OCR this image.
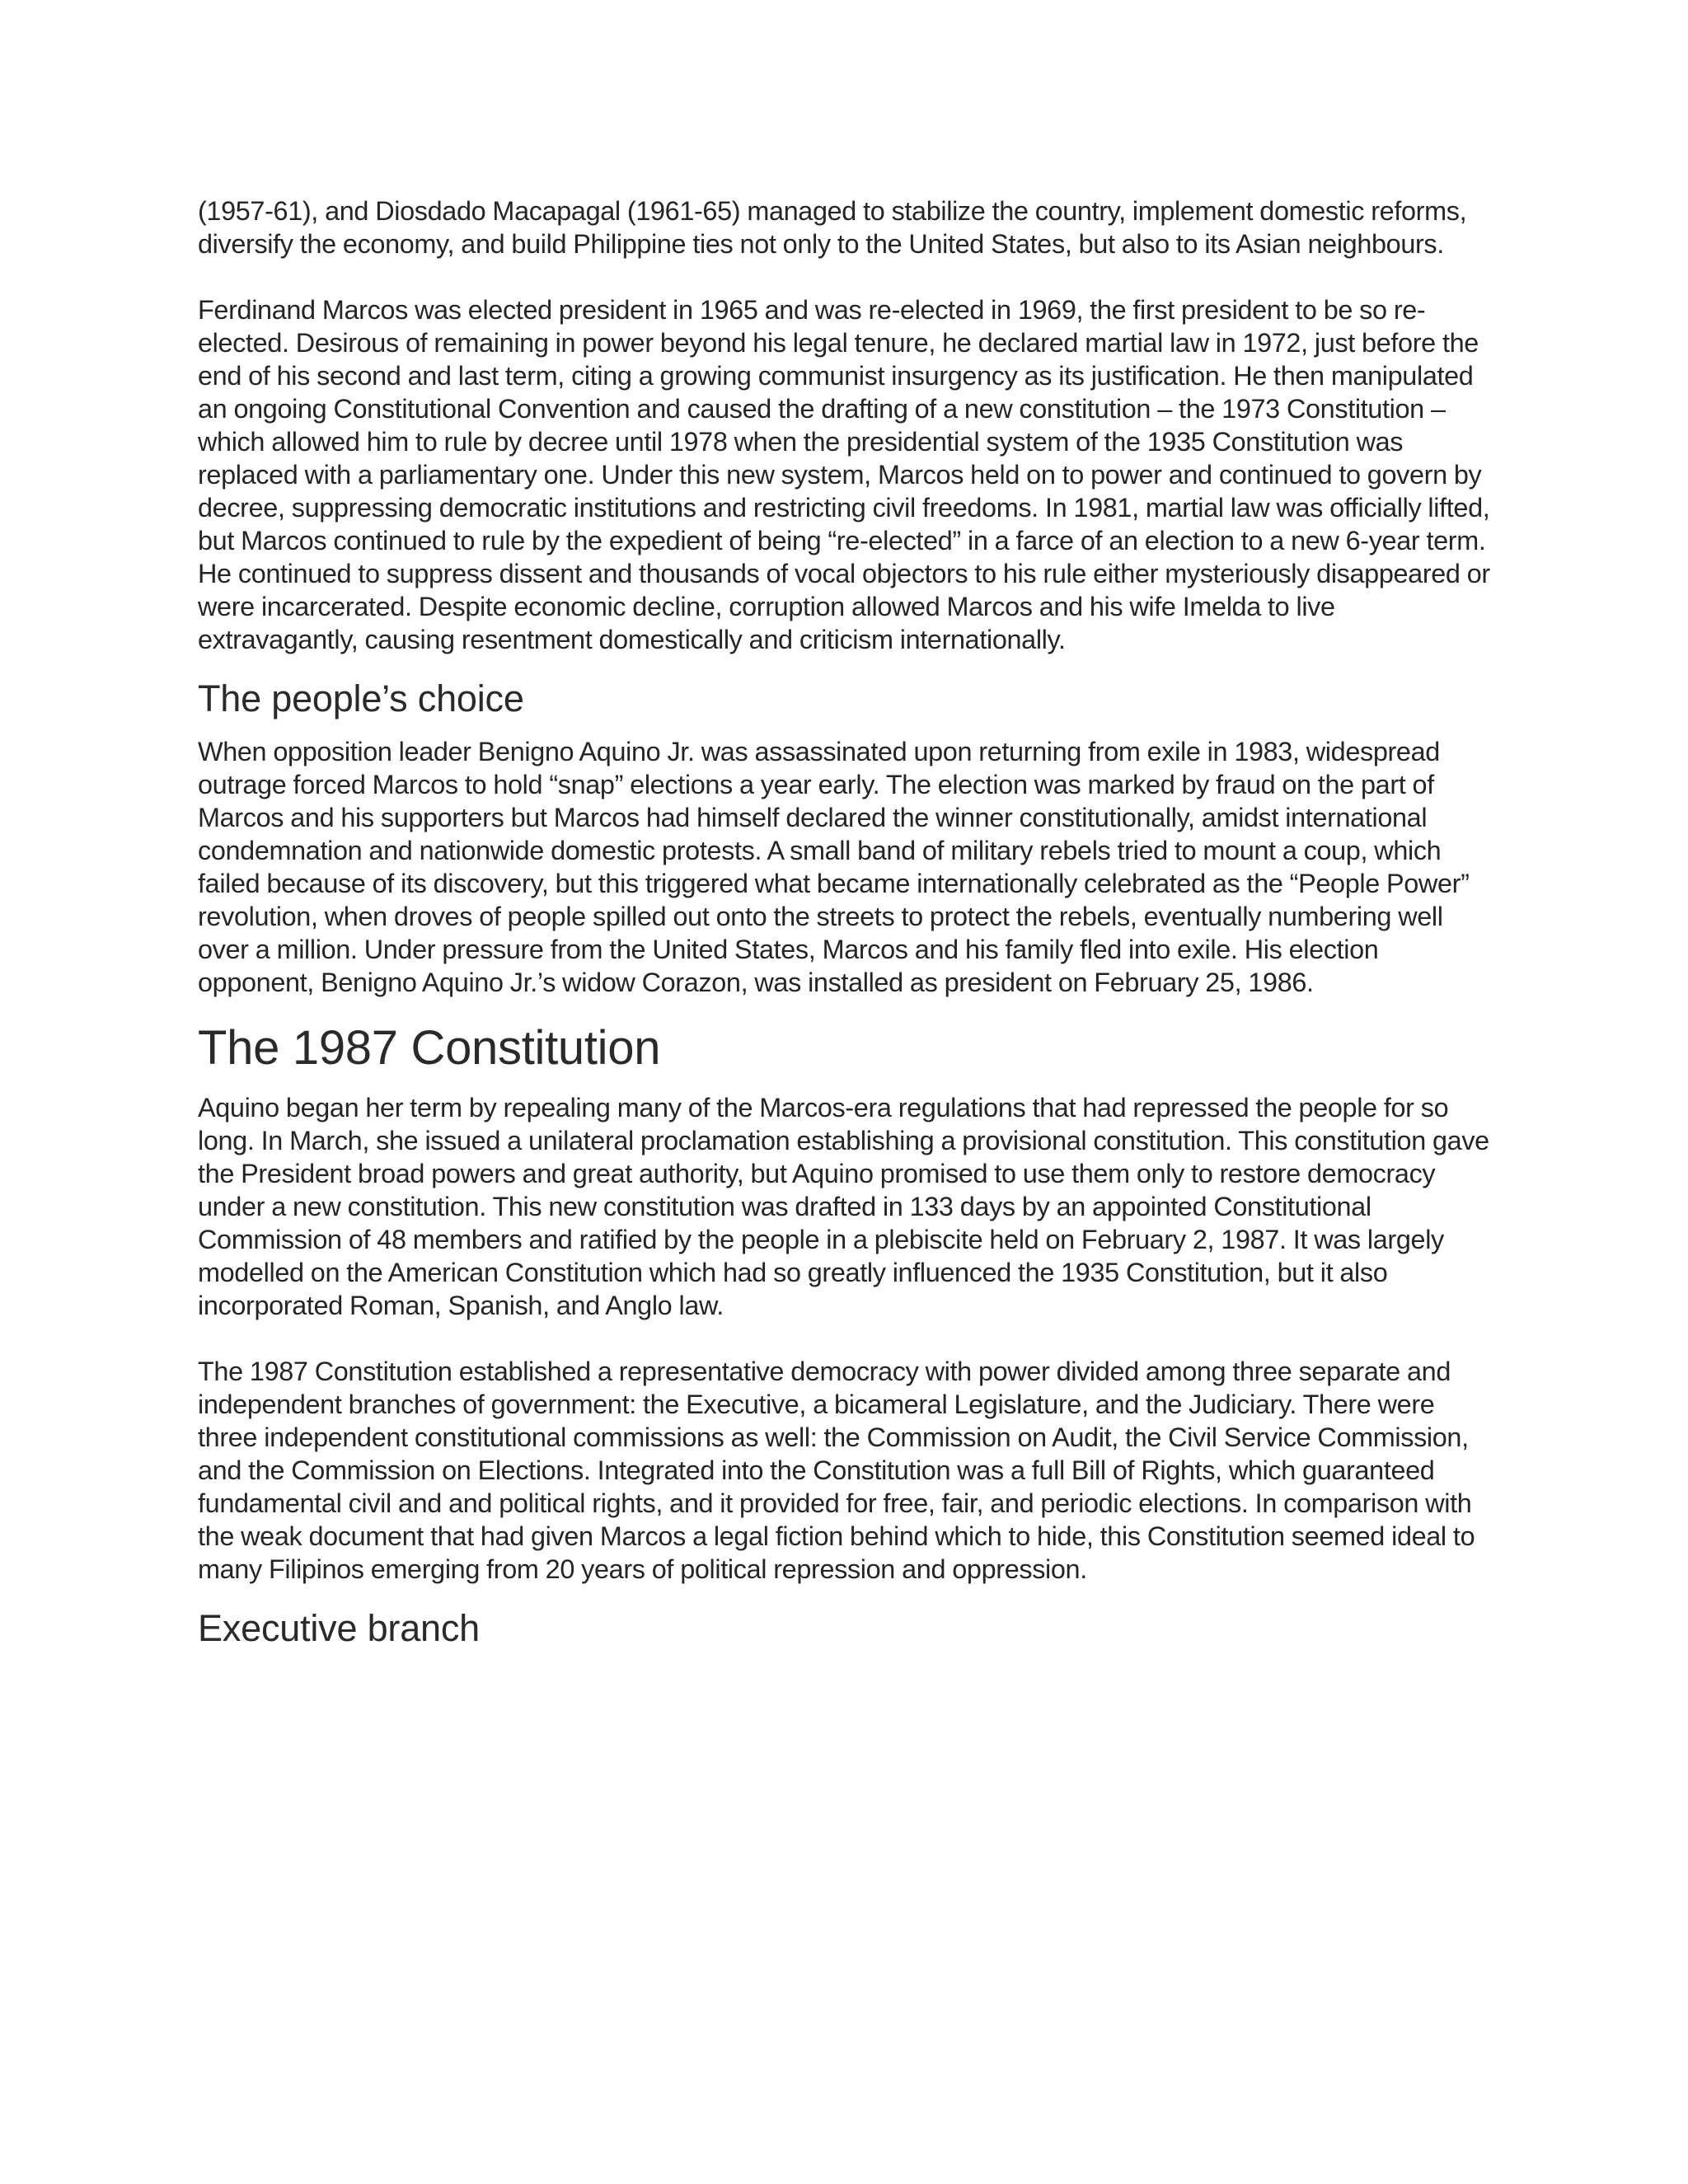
(1957-61), and Diosdado Macapagal (1961-65) managed to stabilize the country, implement domestic reforms, diversify the economy, and build Philippine ties not only to the United States, but also to its Asian neighbours.

Ferdinand Marcos was elected president in 1965 and was re-elected in 1969, the first president to be so re-elected. Desirous of remaining in power beyond his legal tenure, he declared martial law in 1972, just before the end of his second and last term, citing a growing communist insurgency as its justification. He then manipulated an ongoing Constitutional Convention and caused the drafting of a new constitution – the 1973 Constitution – which allowed him to rule by decree until 1978 when the presidential system of the 1935 Constitution was replaced with a parliamentary one. Under this new system, Marcos held on to power and continued to govern by decree, suppressing democratic institutions and restricting civil freedoms. In 1981, martial law was officially lifted, but Marcos continued to rule by the expedient of being “re-elected” in a farce of an election to a new 6-year term. He continued to suppress dissent and thousands of vocal objectors to his rule either mysteriously disappeared or were incarcerated. Despite economic decline, corruption allowed Marcos and his wife Imelda to live extravagantly, causing resentment domestically and criticism internationally.

The people’s choice

When opposition leader Benigno Aquino Jr. was assassinated upon returning from exile in 1983, widespread outrage forced Marcos to hold “snap” elections a year early. The election was marked by fraud on the part of Marcos and his supporters but Marcos had himself declared the winner constitutionally, amidst international condemnation and nationwide domestic protests. A small band of military rebels tried to mount a coup, which failed because of its discovery, but this triggered what became internationally celebrated as the “People Power” revolution, when droves of people spilled out onto the streets to protect the rebels, eventually numbering well over a million. Under pressure from the United States, Marcos and his family fled into exile. His election opponent, Benigno Aquino Jr.’s widow Corazon, was installed as president on February 25, 1986.

The 1987 Constitution

Aquino began her term by repealing many of the Marcos-era regulations that had repressed the people for so long. In March, she issued a unilateral proclamation establishing a provisional constitution. This constitution gave the President broad powers and great authority, but Aquino promised to use them only to restore democracy under a new constitution. This new constitution was drafted in 133 days by an appointed Constitutional Commission of 48 members and ratified by the people in a plebiscite held on February 2, 1987. It was largely modelled on the American Constitution which had so greatly influenced the 1935 Constitution, but it also incorporated Roman, Spanish, and Anglo law.

The 1987 Constitution established a representative democracy with power divided among three separate and independent branches of government: the Executive, a bicameral Legislature, and the Judiciary. There were three independent constitutional commissions as well: the Commission on Audit, the Civil Service Commission, and the Commission on Elections. Integrated into the Constitution was a full Bill of Rights, which guaranteed fundamental civil and and political rights, and it provided for free, fair, and periodic elections. In comparison with the weak document that had given Marcos a legal fiction behind which to hide, this Constitution seemed ideal to many Filipinos emerging from 20 years of political repression and oppression.

Executive branch
